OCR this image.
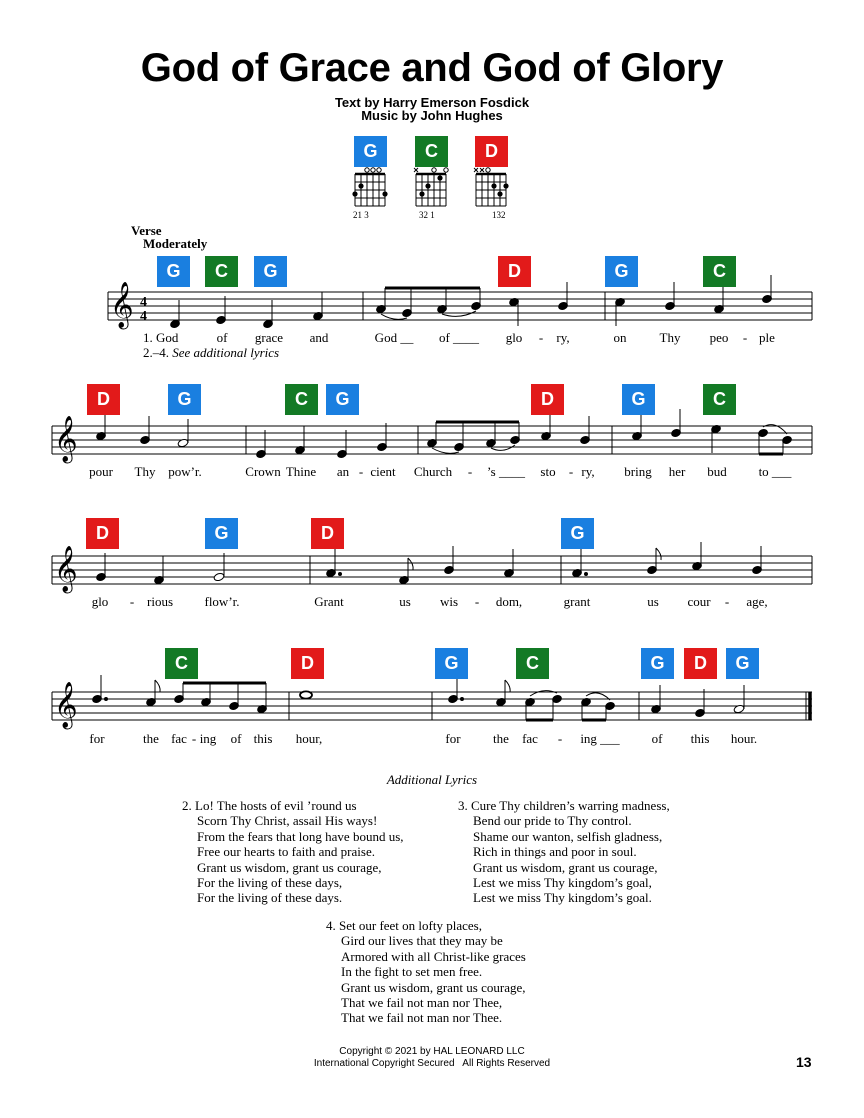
God of Grace and God of Glory
Text by Harry Emerson Fosdick
Music by John Hughes
G
21 3
C
32 1
D
132
Verse
Moderately
𝄞 4
4
G	C	G	D	G	C
1. God	of grace and	God __ of ____ glo - ry,	on	Thy peo - ple
2.–4. See additional lyrics
𝄞
D	G	C	G	D	G	C
pour Thy pow’r.	Crown Thine an - cient Church - ’s ____ sto - ry, bring her bud to ___
𝄞
D	G	D	G
glo - rious flow’r.	Grant	us wis - dom,	grant	us cour - age,
𝄞
C	D	G	C	G	D	G
for	the fac - ing of this hour,	for the fac - ing ___ of this hour.
Additional Lyrics
2. Lo! The hosts of evil ’round us
Scorn Thy Christ, assail His ways!
From the fears that long have bound us,
Free our hearts to faith and praise.
Grant us wisdom, grant us courage,
For the living of these days,
For the living of these days.
3. Cure Thy children’s warring madness,
Bend our pride to Thy control.
Shame our wanton, selfish gladness,
Rich in things and poor in soul.
Grant us wisdom, grant us courage,
Lest we miss Thy kingdom’s goal,
Lest we miss Thy kingdom’s goal.
4. Set our feet on lofty places,
Gird our lives that they may be
Armored with all Christ-like graces
In the fight to set men free.
Grant us wisdom, grant us courage,
That we fail not man nor Thee,
That we fail not man nor Thee.
Copyright © 2021 by HAL LEONARD LLC
International Copyright Secured   All Rights Reserved	13
